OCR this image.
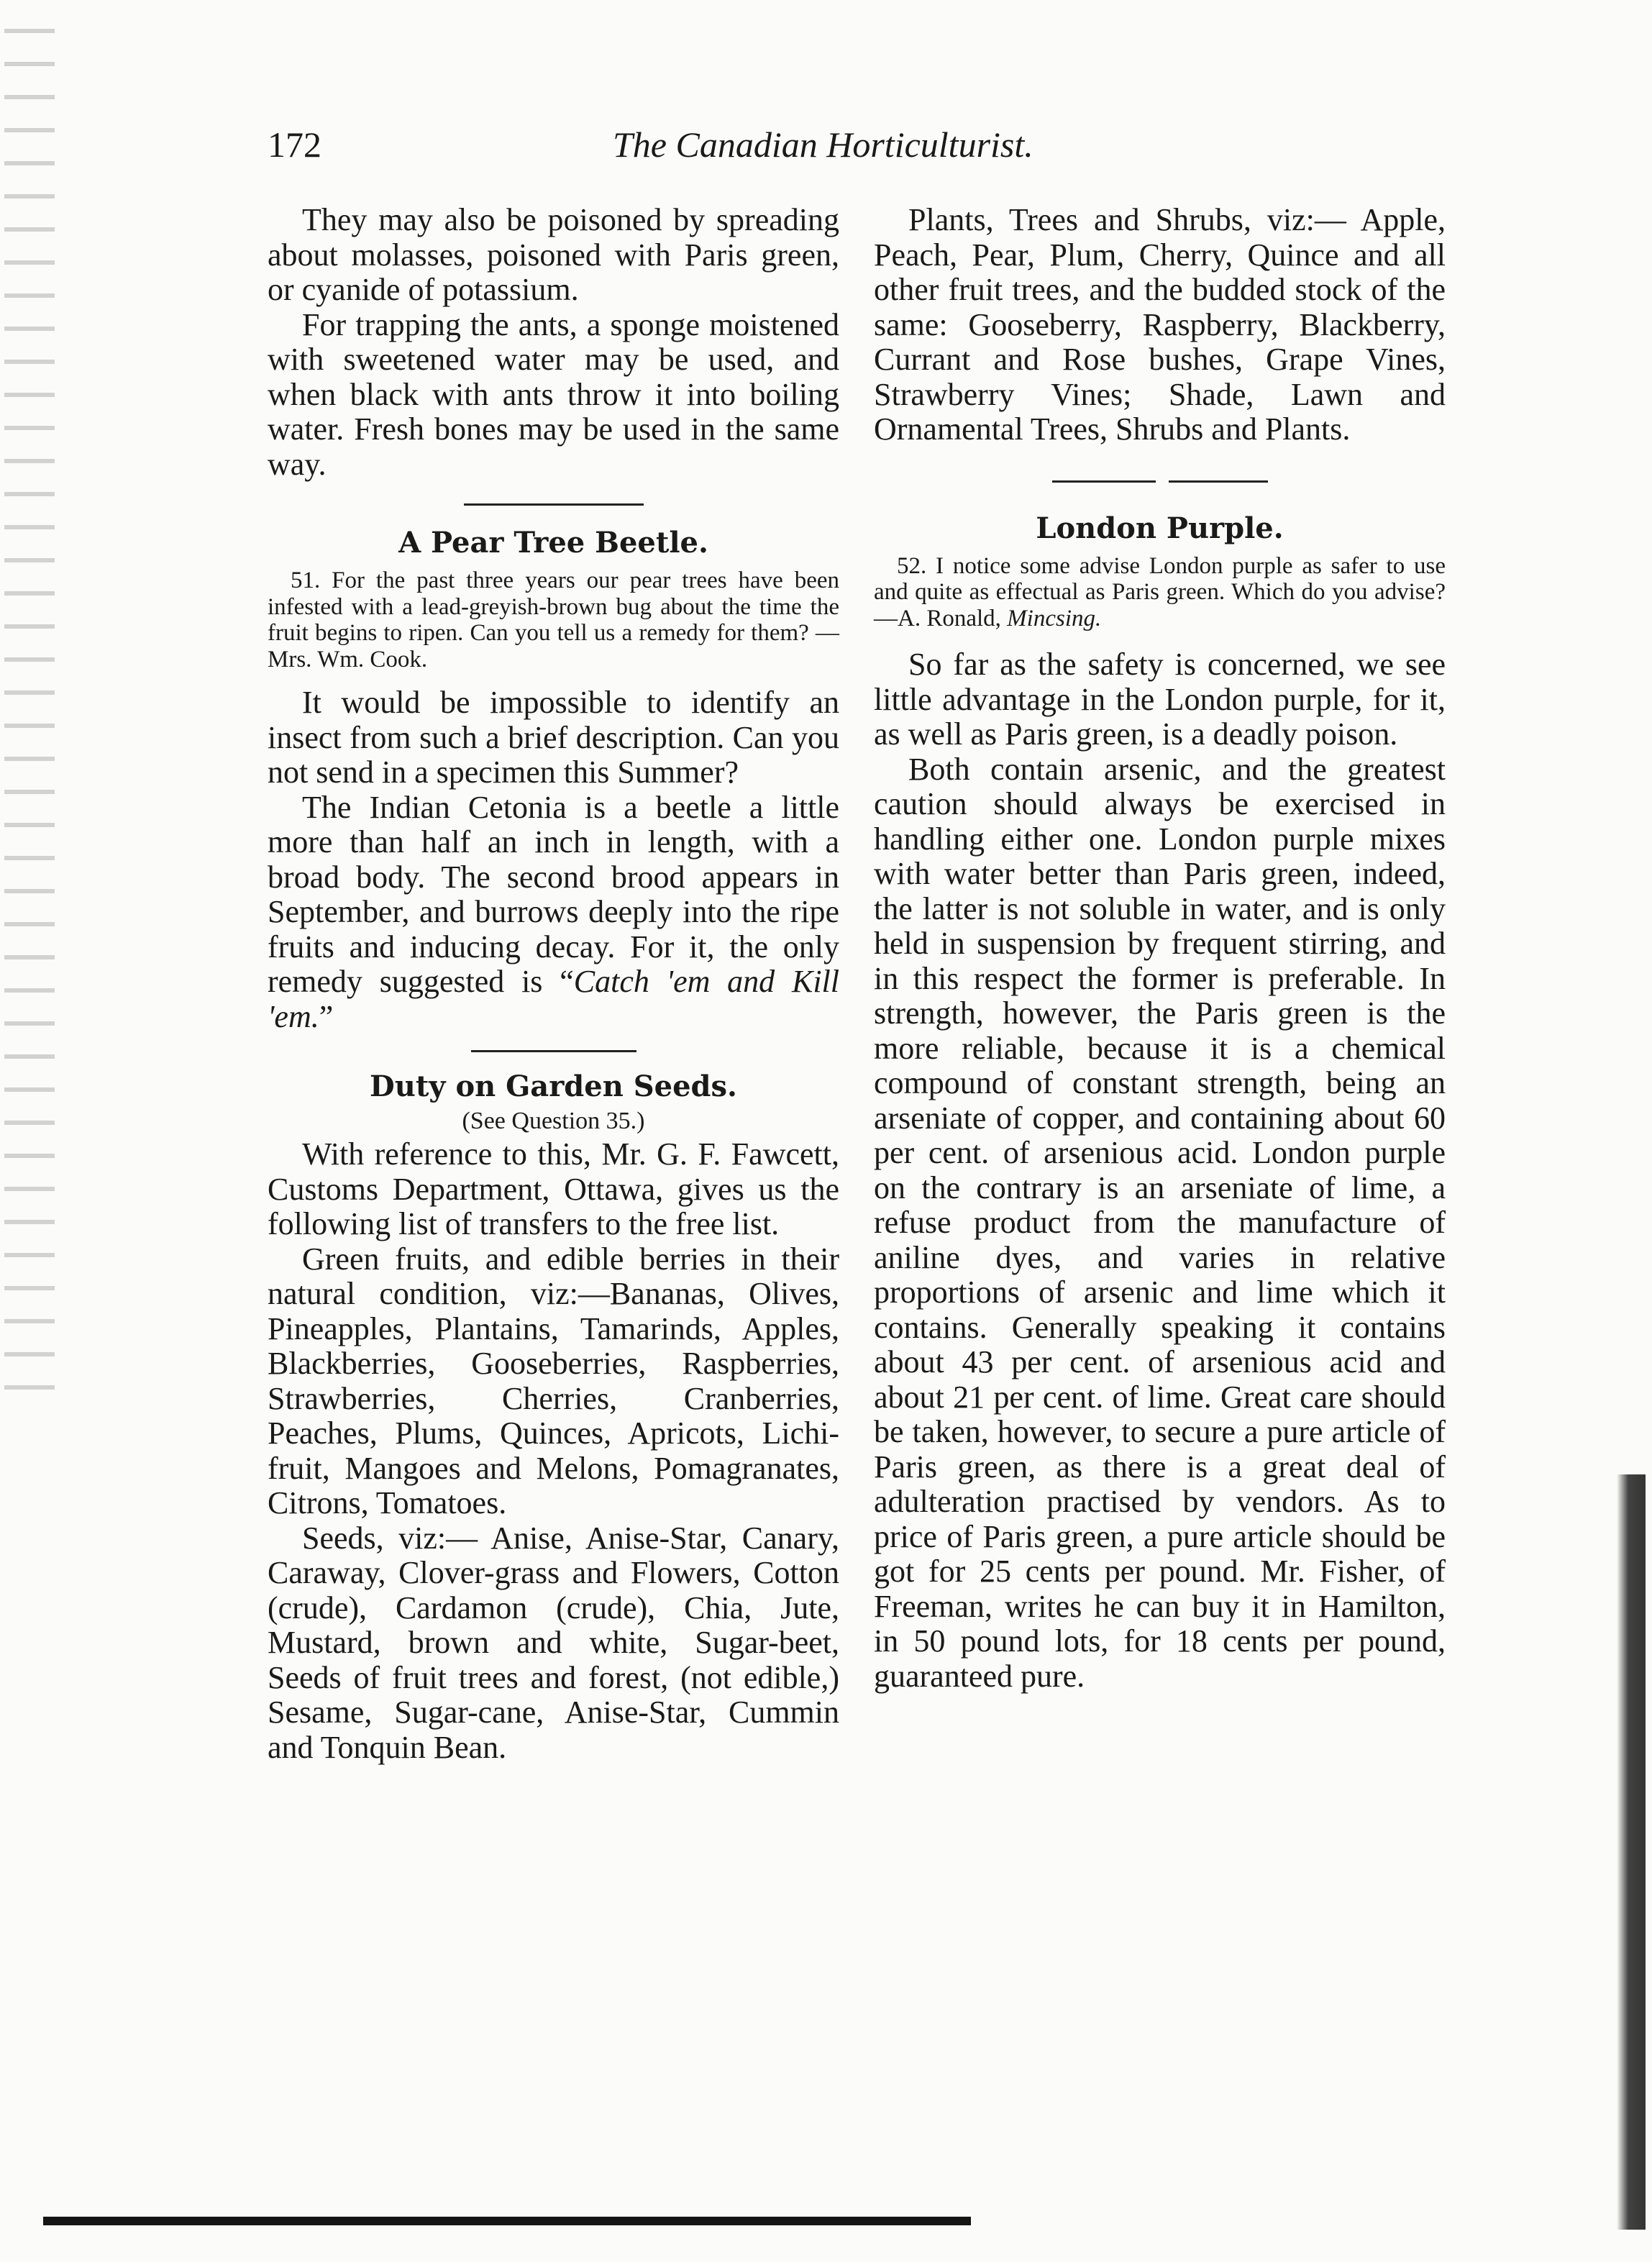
172	The Canadian Horticulturist.

They may also be poisoned by spreading about molasses, poisoned with Paris green, or cyanide of potassium.

For trapping the ants, a sponge moistened with sweetened water may be used, and when black with ants throw it into boiling water. Fresh bones may be used in the same way.

A Pear Tree Beetle.

51. For the past three years our pear trees have been infested with a lead-greyish-brown bug about the time the fruit begins to ripen. Can you tell us a remedy for them? —Mrs. Wm. Cook.

It would be impossible to identify an insect from such a brief description. Can you not send in a specimen this Summer?

The Indian Cetonia is a beetle a little more than half an inch in length, with a broad body. The second brood appears in September, and burrows deeply into the ripe fruits and inducing decay. For it, the only remedy suggested is “Catch 'em and Kill 'em.”

Duty on Garden Seeds.
(See Question 35.)

With reference to this, Mr. G. F. Fawcett, Customs Department, Ottawa, gives us the following list of transfers to the free list.

Green fruits, and edible berries in their natural condition, viz:—Bananas, Olives, Pineapples, Plantains, Tamarinds, Apples, Blackberries, Gooseberries, Raspberries, Strawberries, Cherries, Cranberries, Peaches, Plums, Quinces, Apricots, Lichi-fruit, Mangoes and Melons, Pomagranates, Citrons, Tomatoes.

Seeds, viz:— Anise, Anise-Star, Canary, Caraway, Clover-grass and Flowers, Cotton (crude), Cardamon (crude), Chia, Jute, Mustard, brown and white, Sugar-beet, Seeds of fruit trees and forest, (not edible,) Sesame, Sugar-cane, Anise-Star, Cummin and Tonquin Bean.

Plants, Trees and Shrubs, viz:— Apple, Peach, Pear, Plum, Cherry, Quince and all other fruit trees, and the budded stock of the same: Gooseberry, Raspberry, Blackberry, Currant and Rose bushes, Grape Vines, Strawberry Vines; Shade, Lawn and Ornamental Trees, Shrubs and Plants.

London Purple.

52. I notice some advise London purple as safer to use and quite as effectual as Paris green. Which do you advise?—A. Ronald, Mincsing.

So far as the safety is concerned, we see little advantage in the London purple, for it, as well as Paris green, is a deadly poison.

Both contain arsenic, and the greatest caution should always be exercised in handling either one. London purple mixes with water better than Paris green, indeed, the latter is not soluble in water, and is only held in suspension by frequent stirring, and in this respect the former is preferable. In strength, however, the Paris green is the more reliable, because it is a chemical compound of constant strength, being an arseniate of copper, and containing about 60 per cent. of arsenious acid. London purple on the contrary is an arseniate of lime, a refuse product from the manufacture of aniline dyes, and varies in relative proportions of arsenic and lime which it contains. Generally speaking it contains about 43 per cent. of arsenious acid and about 21 per cent. of lime. Great care should be taken, however, to secure a pure article of Paris green, as there is a great deal of adulteration practised by vendors. As to price of Paris green, a pure article should be got for 25 cents per pound. Mr. Fisher, of Freeman, writes he can buy it in Hamilton, in 50 pound lots, for 18 cents per pound, guaranteed pure.
